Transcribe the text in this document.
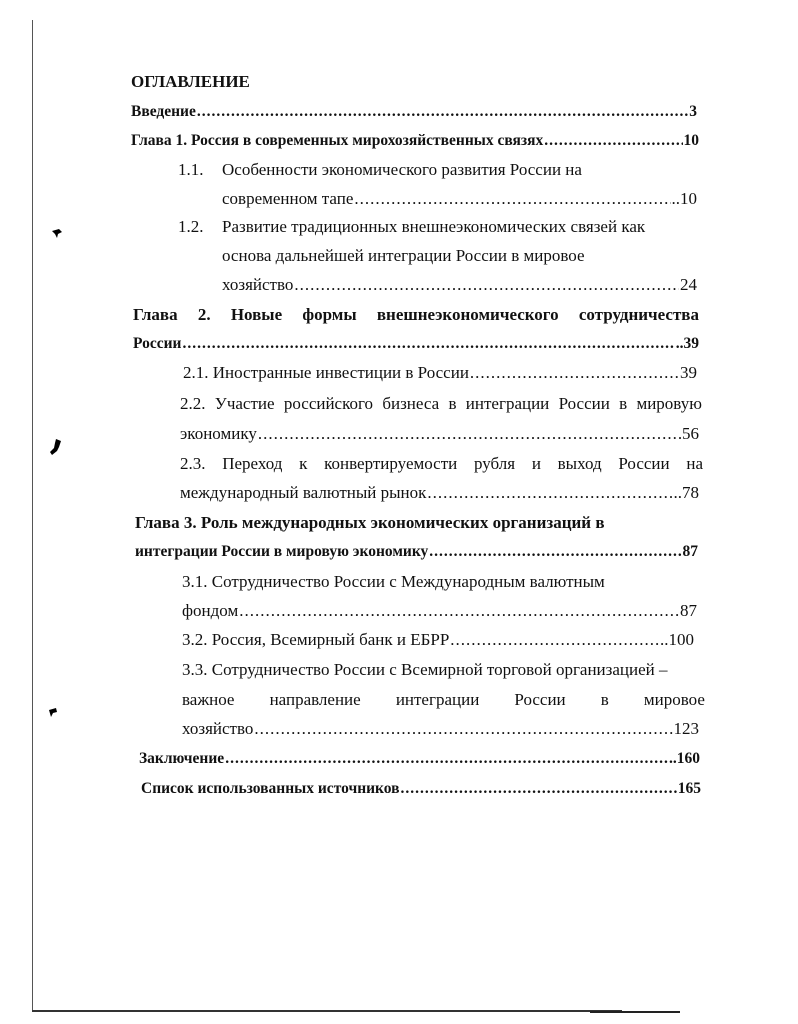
ОГЛАВЛЕНИЕ
Введение .....	3
Глава 1. Россия в современных мирохозяйственных связях .....	10
1.1. Особенности экономического развития России на
современном тапе .....	..10
1.2. Развитие традиционных внешнеэкономических связей как
основа дальнейшей интеграции России в мировое
хозяйство .....	24
Глава 2. Новые формы внешнеэкономического сотрудничества
России .....	..39
2.1. Иностранные инвестиции в России .....	39
2.2. Участие российского бизнеса в интеграции России в мировую
экономику .....	56
2.3. Переход к конвертируемости рубля и выход России на
международный валютный рынок .....	..78
Глава 3. Роль международных экономических организаций в
интеграции России в мировую экономику .....	87
3.1. Сотрудничество России с Международным валютным
фондом .....	87
3.2. Россия, Всемирный банк и ЕБРР .....	..100
3.3. Сотрудничество России с Всемирной торговой организацией –
важное направление интеграции России в мировое
хозяйство .....	123
Заключение .....	..160
Список использованных источников .....	165
